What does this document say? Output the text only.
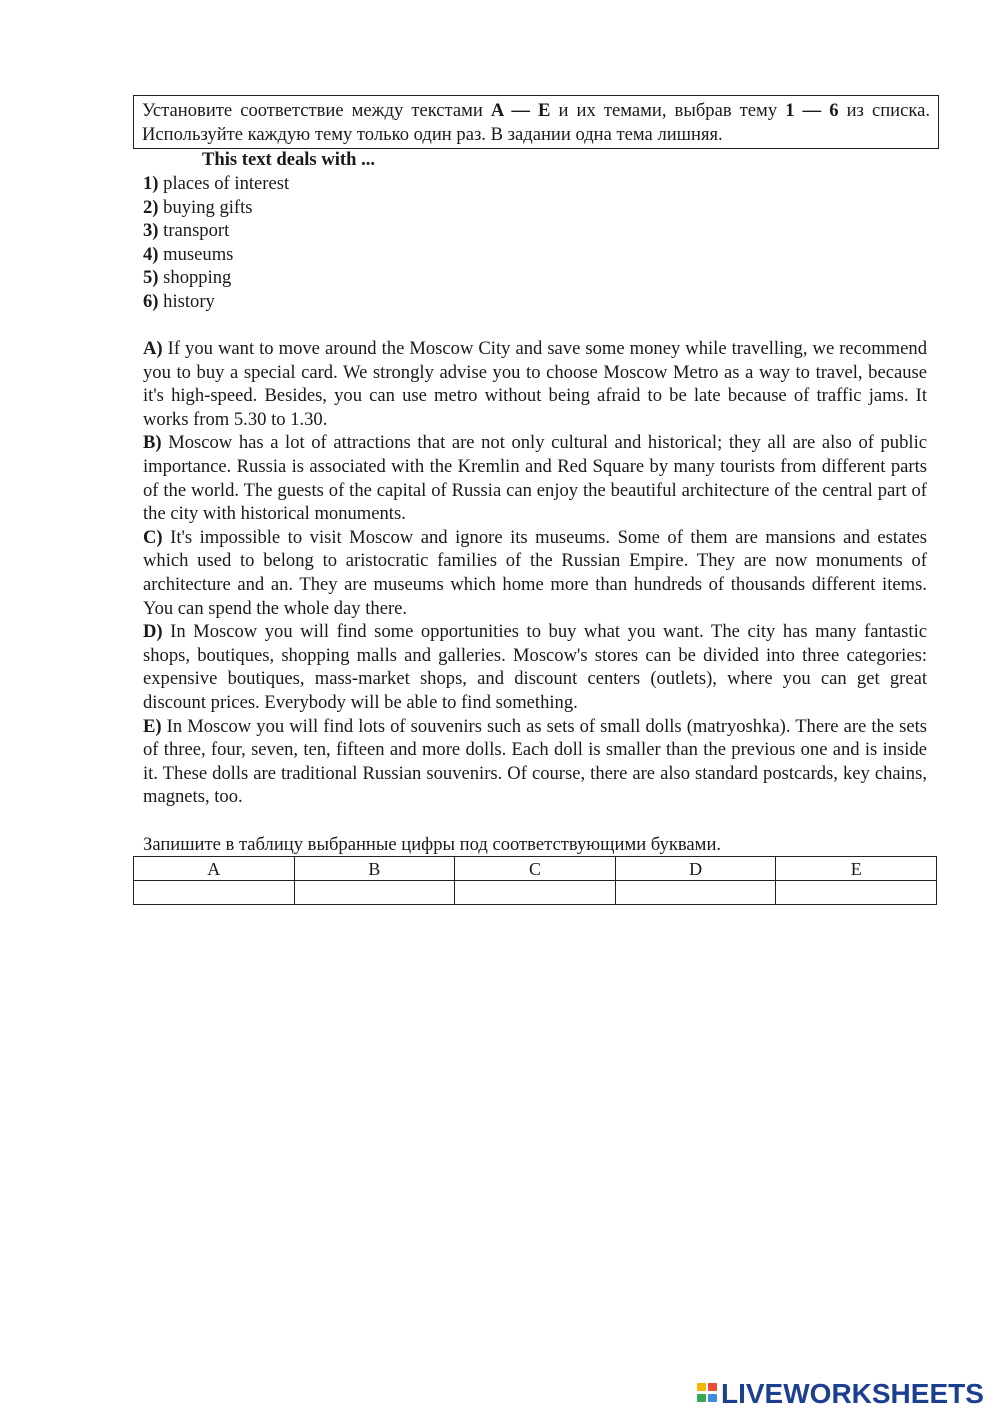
Установите соответствие между текстами A — E и их темами, выбрав тему 1 — 6 из списка. Используйте каждую тему только один раз. В задании одна тема лишняя.
This text deals with ...
1) places of interest
2) buying gifts
3) transport
4) museums
5) shopping
6) history

A) If you want to move around the Moscow City and save some money while travelling, we recommend you to buy a special card. We strongly advise you to choose Moscow Metro as a way to travel, because it's high-speed. Besides, you can use metro without being afraid to be late because of traffic jams. It works from 5.30 to 1.30.

B) Moscow has a lot of attractions that are not only cultural and historical; they all are also of public importance. Russia is associated with the Kremlin and Red Square by many tourists from different parts of the world. The guests of the capital of Russia can enjoy the beautiful architecture of the central part of the city with historical monuments.

C) It's impossible to visit Moscow and ignore its museums. Some of them are mansions and estates which used to belong to aristocratic families of the Russian Empire. They are now monuments of architecture and an. They are museums which home more than hundreds of thousands different items. You can spend the whole day there.

D) In Moscow you will find some opportunities to buy what you want. The city has many fantastic shops, boutiques, shopping malls and galleries. Moscow's stores can be divided into three categories: expensive boutiques, mass-market shops, and discount centers (outlets), where you can get great discount prices. Everybody will be able to find something.

E) In Moscow you will find lots of souvenirs such as sets of small dolls (matryoshka). There are the sets of three, four, seven, ten, fifteen and more dolls. Each doll is smaller than the previous one and is inside it. These dolls are traditional Russian souvenirs. Of course, there are also standard postcards, key chains, magnets, too.

Запишите в таблицу выбранные цифры под соответствующими буквами.
A	B	C	D	E

LIVEWORKSHEETS
